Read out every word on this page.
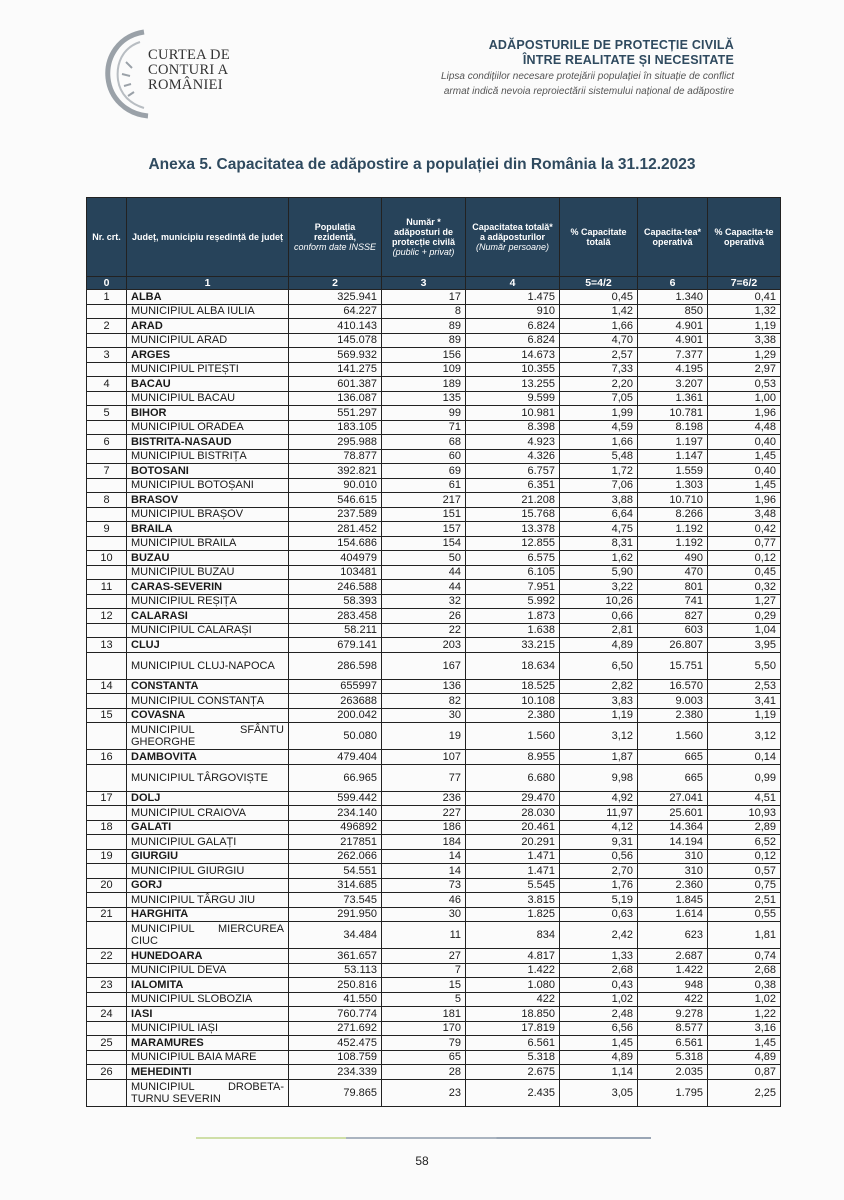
CURTEA DE
CONTURI A
ROMÂNIEI
ADĂPOSTURILE DE PROTECȚIE CIVILĂ
ÎNTRE REALITATE ȘI NECESITATE
Lipsa condițiilor necesare protejării populației în situație de conflict
armat indică nevoia reproiectării sistemului național de adăpostire
Anexa 5. Capacitatea de adăpostire a populației din România la 31.12.2023
Nr. crt.	Județ, municipiu reședință de județ	Populația rezidentă,
conform date INSSE	Număr * adăposturi de protecție civilă
(public + privat)	Capacitatea totală* a adăposturilor
(Număr persoane)	% Capacitate totală	Capacita-tea* operativă	% Capacita-te operativă
0	1	2	3	4	5=4/2	6	7=6/2
1	ALBA	325.941	17	1.475	0,45	1.340	0,41
	MUNICIPIUL ALBA IULIA	64.227	8	910	1,42	850	1,32
2	ARAD	410.143	89	6.824	1,66	4.901	1,19
	MUNICIPIUL ARAD	145.078	89	6.824	4,70	4.901	3,38
3	ARGES	569.932	156	14.673	2,57	7.377	1,29
	MUNICIPIUL PITEȘTI	141.275	109	10.355	7,33	4.195	2,97
4	BACAU	601.387	189	13.255	2,20	3.207	0,53
	MUNICIPIUL BACAU	136.087	135	9.599	7,05	1.361	1,00
5	BIHOR	551.297	99	10.981	1,99	10.781	1,96
	MUNICIPIUL ORADEA	183.105	71	8.398	4,59	8.198	4,48
6	BISTRITA-NASAUD	295.988	68	4.923	1,66	1.197	0,40
	MUNICIPIUL BISTRIȚA	78.877	60	4.326	5,48	1.147	1,45
7	BOTOSANI	392.821	69	6.757	1,72	1.559	0,40
	MUNICIPIUL BOTOȘANI	90.010	61	6.351	7,06	1.303	1,45
8	BRASOV	546.615	217	21.208	3,88	10.710	1,96
	MUNICIPIUL BRAȘOV	237.589	151	15.768	6,64	8.266	3,48
9	BRAILA	281.452	157	13.378	4,75	1.192	0,42
	MUNICIPIUL BRAILA	154.686	154	12.855	8,31	1.192	0,77
10	BUZAU	404979	50	6.575	1,62	490	0,12
	MUNICIPIUL BUZAU	103481	44	6.105	5,90	470	0,45
11	CARAS-SEVERIN	246.588	44	7.951	3,22	801	0,32
	MUNICIPIUL REȘIȚA	58.393	32	5.992	10,26	741	1,27
12	CALARASI	283.458	26	1.873	0,66	827	0,29
	MUNICIPIUL CALARAȘI	58.211	22	1.638	2,81	603	1,04
13	CLUJ	679.141	203	33.215	4,89	26.807	3,95
	MUNICIPIUL CLUJ-NAPOCA	286.598	167	18.634	6,50	15.751	5,50
14	CONSTANTA	655997	136	18.525	2,82	16.570	2,53
	MUNICIPIUL CONSTANȚA	263688	82	10.108	3,83	9.003	3,41
15	COVASNA	200.042	30	2.380	1,19	2.380	1,19
	MUNICIPIUL SFÂNTU GHEORGHE	50.080	19	1.560	3,12	1.560	3,12
16	DAMBOVITA	479.404	107	8.955	1,87	665	0,14
	MUNICIPIUL TÂRGOVIȘTE	66.965	77	6.680	9,98	665	0,99
17	DOLJ	599.442	236	29.470	4,92	27.041	4,51
	MUNICIPIUL CRAIOVA	234.140	227	28.030	11,97	25.601	10,93
18	GALATI	496892	186	20.461	4,12	14.364	2,89
	MUNICIPIUL GALAȚI	217851	184	20.291	9,31	14.194	6,52
19	GIURGIU	262.066	14	1.471	0,56	310	0,12
	MUNICIPIUL GIURGIU	54.551	14	1.471	2,70	310	0,57
20	GORJ	314.685	73	5.545	1,76	2.360	0,75
	MUNICIPIUL TÂRGU JIU	73.545	46	3.815	5,19	1.845	2,51
21	HARGHITA	291.950	30	1.825	0,63	1.614	0,55
	MUNICIPIUL MIERCUREA CIUC	34.484	11	834	2,42	623	1,81
22	HUNEDOARA	361.657	27	4.817	1,33	2.687	0,74
	MUNICIPIUL DEVA	53.113	7	1.422	2,68	1.422	2,68
23	IALOMITA	250.816	15	1.080	0,43	948	0,38
	MUNICIPIUL SLOBOZIA	41.550	5	422	1,02	422	1,02
24	IASI	760.774	181	18.850	2,48	9.278	1,22
	MUNICIPIUL IAȘI	271.692	170	17.819	6,56	8.577	3,16
25	MARAMURES	452.475	79	6.561	1,45	6.561	1,45
	MUNICIPIUL BAIA MARE	108.759	65	5.318	4,89	5.318	4,89
26	MEHEDINTI	234.339	28	2.675	1,14	2.035	0,87
	MUNICIPIUL DROBETA-TURNU SEVERIN	79.865	23	2.435	3,05	1.795	2,25
58
